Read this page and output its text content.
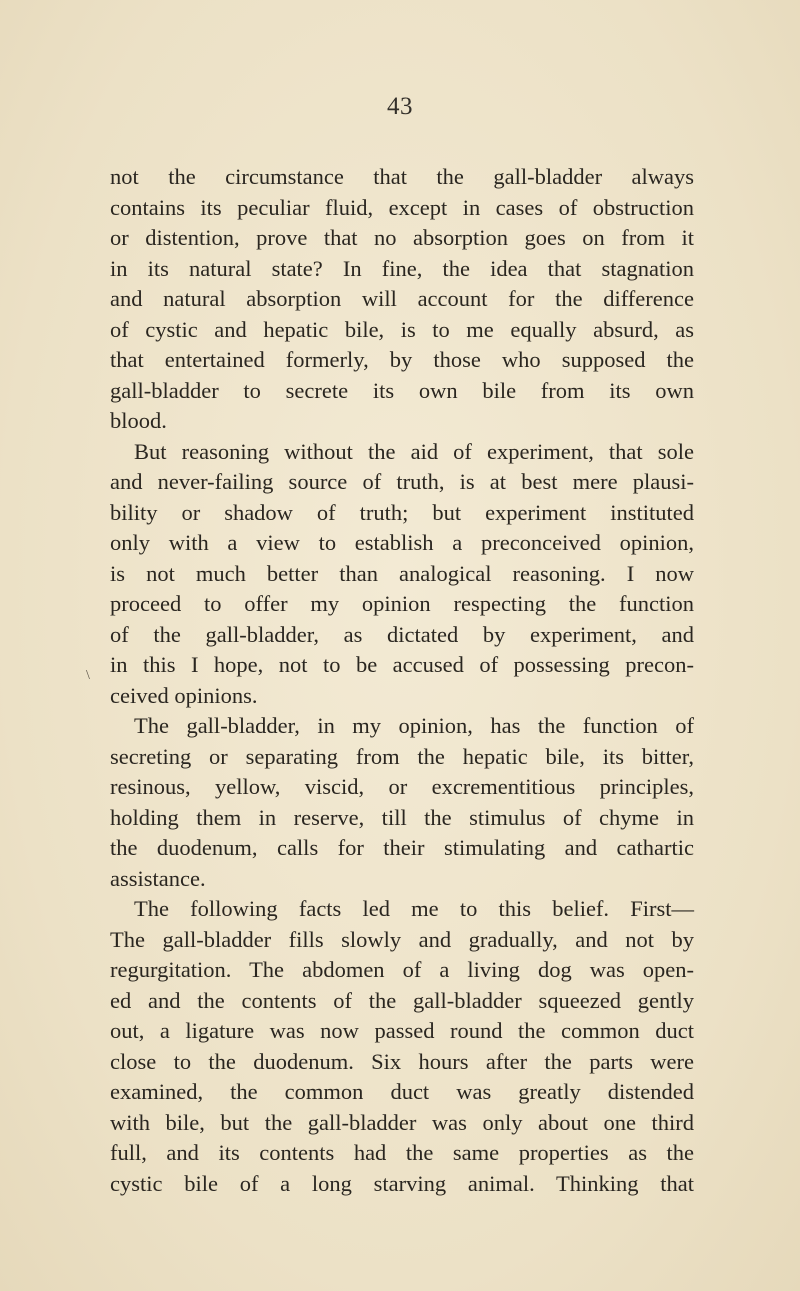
43
\
not the circumstance that the gall-bladder always
contains its peculiar fluid, except in cases of obstruction
or distention, prove that no absorption goes on from it
in its natural state? In fine, the idea that stagnation
and natural absorption will account for the difference
of cystic and hepatic bile, is to me equally absurd, as
that entertained formerly, by those who supposed the
gall-bladder to secrete its own bile from its own
blood.
But reasoning without the aid of experiment, that sole
and never-failing source of truth, is at best mere plausi-
bility or shadow of truth; but experiment instituted
only with a view to establish a preconceived opinion,
is not much better than analogical reasoning. I now
proceed to offer my opinion respecting the function
of the gall-bladder, as dictated by experiment, and
in this I hope, not to be accused of possessing precon-
ceived opinions.
The gall-bladder, in my opinion, has the function of
secreting or separating from the hepatic bile, its bitter,
resinous, yellow, viscid, or excrementitious principles,
holding them in reserve, till the stimulus of chyme in
the duodenum, calls for their stimulating and cathartic
assistance.
The following facts led me to this belief. First—
The gall-bladder fills slowly and gradually, and not by
regurgitation. The abdomen of a living dog was open-
ed and the contents of the gall-bladder squeezed gently
out, a ligature was now passed round the common duct
close to the duodenum. Six hours after the parts were
examined, the common duct was greatly distended
with bile, but the gall-bladder was only about one third
full, and its contents had the same properties as the
cystic bile of a long starving animal. Thinking that
